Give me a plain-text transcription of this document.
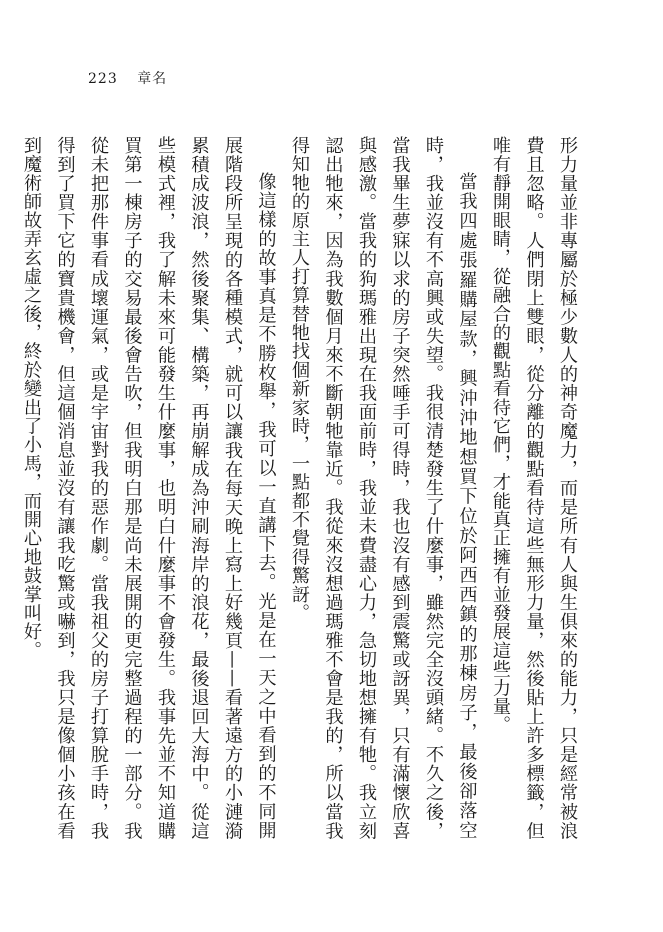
223 章名

形力量並非專屬於極少數人的神奇魔力，而是所有人與生俱來的能力，只是經常被浪費且忽略。人們閉上雙眼，從分離的觀點看待這些無形力量，然後貼上許多標籤，但唯有靜開眼睛，從融合的觀點看待它們，才能真正擁有並發展這些力量。

當我四處張羅購屋款，興沖沖地想買下位於阿西西鎮的那棟房子，最後卻落空時，我並沒有不高興或失望。我很清楚發生了什麼事，雖然完全沒頭緒。不久之後，當我畢生夢寐以求的房子突然唾手可得時，我也沒有感到震驚或訝異，只有滿懷欣喜與感激。當我的狗瑪雅出現在我面前時，我並未費盡心力，急切地想擁有牠。我立刻認出牠來，因為我數個月來不斷朝牠靠近。我從來沒想過瑪雅不會是我的，所以當我得知牠的原主人打算替牠找個新家時，一點都不覺得驚訝。

像這樣的故事真是不勝枚舉，我可以一直講下去。光是在一天之中看到的不同開展階段所呈現的各種模式，就可以讓我在每天晚上寫上好幾頁——看著遠方的小漣漪累積成波浪，然後聚集、構築，再崩解成為沖刷海岸的浪花，最後退回大海中。從這些模式裡，我了解未來可能發生什麼事，也明白什麼事不會發生。我事先並不知道購買第一棟房子的交易最後會告吹，但我明白那是尚未展開的更完整過程的一部分。我從未把那件事看成壞運氣，或是宇宙對我的惡作劇。當我祖父的房子打算脫手時，我得到了買下它的寶貴機會，但這個消息並沒有讓我吃驚或嚇到，我只是像個小孩在看到魔術師故弄玄虛之後，終於變出了小馬，而開心地鼓掌叫好。
